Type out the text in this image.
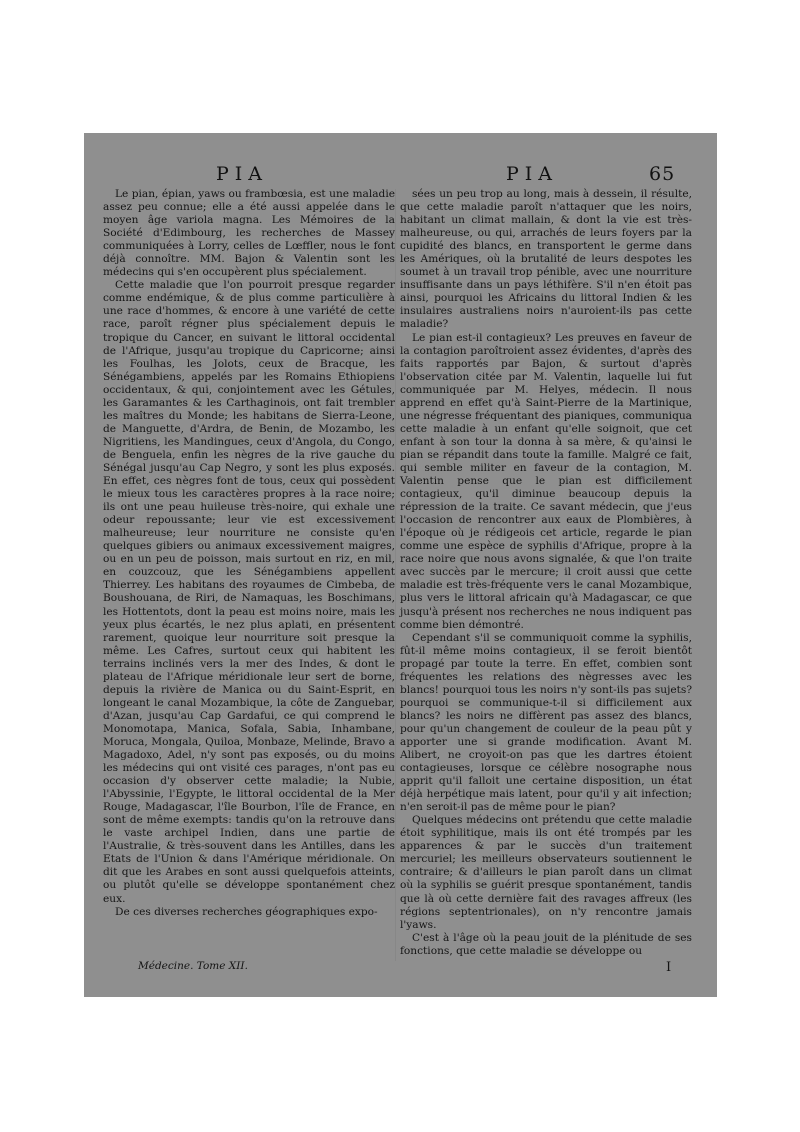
PIA	PIA	65

Le pian, épian, yaws ou frambœsia, est une maladie assez peu connue; elle a été aussi appelée dans le moyen âge variola magna. Les Mémoires de la Société d'Edimbourg, les recherches de Massey communiquées à Lorry, celles de Lœffler, nous le font déjà connoître. MM. Bajon & Valentin sont les médecins qui s'en occupèrent plus spécialement.

Cette maladie que l'on pourroit presque regarder comme endémique, & de plus comme particulière à une race d'hommes, & encore à une variété de cette race, paroît régner plus spécialement depuis le tropique du Cancer, en suivant le littoral occidental de l'Afrique, jusqu'au tropique du Capricorne; ainsi les Foulhas, les Jolots, ceux de Bracque, les Sénégambiens, appelés par les Romains Ethiopiens occidentaux, & qui, conjointement avec les Gétules, les Garamantes & les Carthaginois, ont fait trembler les maîtres du Monde; les habitans de Sierra-Leone, de Manguette, d'Ardra, de Benin, de Mozambo, les Nigritiens, les Mandingues, ceux d'Angola, du Congo, de Benguela, enfin les nègres de la rive gauche du Sénégal jusqu'au Cap Negro, y sont les plus exposés. En effet, ces nègres font de tous, ceux qui possèdent le mieux tous les caractères propres à la race noire; ils ont une peau huileuse très-noire, qui exhale une odeur repoussante; leur vie est excessivement malheureuse; leur nourriture ne consiste qu'en quelques gibiers ou animaux excessivement maigres, ou en un peu de poisson, mais surtout en riz, en mil, en couzcouz, que les Sénégambiens appellent Thierrey. Les habitans des royaumes de Cimbeba, de Boushouana, de Riri, de Namaquas, les Boschimans, les Hottentots, dont la peau est moins noire, mais les yeux plus écartés, le nez plus aplati, en présentent rarement, quoique leur nourriture soit presque la même. Les Cafres, surtout ceux qui habitent les terrains inclinés vers la mer des Indes, & dont le plateau de l'Afrique méridionale leur sert de borne, depuis la rivière de Manica ou du Saint-Esprit, en longeant le canal Mozambique, la côte de Zanguebar, d'Azan, jusqu'au Cap Gardafui, ce qui comprend le Monomotapa, Manica, Sofala, Sabia, Inhambane, Moruca, Mongala, Quiloa, Monbaze, Melinde, Bravo a Magadoxo, Adel, n'y sont pas exposés, ou du moins les médecins qui ont visité ces parages, n'ont pas eu occasion d'y observer cette maladie; la Nubie, l'Abyssinie, l'Egypte, le littoral occidental de la Mer Rouge, Madagascar, l'île Bourbon, l'île de France, en sont de même exempts: tandis qu'on la retrouve dans le vaste archipel Indien, dans une partie de l'Australie, & très-souvent dans les Antilles, dans les Etats de l'Union & dans l'Amérique méridionale. On dit que les Arabes en sont aussi quelquefois atteints, ou plutôt qu'elle se développe spontanément chez eux.

De ces diverses recherches géographiques expo-

sées un peu trop au long, mais à dessein, il résulte, que cette maladie paroît n'attaquer que les noirs, habitant un climat mallain, & dont la vie est très-malheureuse, ou qui, arrachés de leurs foyers par la cupidité des blancs, en transportent le germe dans les Amériques, où la brutalité de leurs despotes les soumet à un travail trop pénible, avec une nourriture insuffisante dans un pays léthifère. S'il n'en étoit pas ainsi, pourquoi les Africains du littoral Indien & les insulaires australiens noirs n'auroient-ils pas cette maladie?

Le pian est-il contagieux? Les preuves en faveur de la contagion paroîtroient assez évidentes, d'après des faits rapportés par Bajon, & surtout d'après l'observation citée par M. Valentin, laquelle lui fut communiquée par M. Helyes, médecin. Il nous apprend en effet qu'à Saint-Pierre de la Martinique, une négresse fréquentant des pianiques, communiqua cette maladie à un enfant qu'elle soignoit, que cet enfant à son tour la donna à sa mère, & qu'ainsi le pian se répandit dans toute la famille. Malgré ce fait, qui semble militer en faveur de la contagion, M. Valentin pense que le pian est difficilement contagieux, qu'il diminue beaucoup depuis la répression de la traite. Ce savant médecin, que j'eus l'occasion de rencontrer aux eaux de Plombières, à l'époque où je rédigeois cet article, regarde le pian comme une espèce de syphilis d'Afrique, propre à la race noire que nous avons signalée, & que l'on traite avec succès par le mercure; il croit aussi que cette maladie est très-fréquente vers le canal Mozambique, plus vers le littoral africain qu'à Madagascar, ce que jusqu'à présent nos recherches ne nous indiquent pas comme bien démontré.

Cependant s'il se communiquoit comme la syphilis, fût-il même moins contagieux, il se feroit bientôt propagé par toute la terre. En effet, combien sont fréquentes les relations des nègresses avec les blancs! pourquoi tous les noirs n'y sont-ils pas sujets? pourquoi se communique-t-il si difficilement aux blancs? les noirs ne diffèrent pas assez des blancs, pour qu'un changement de couleur de la peau pût y apporter une si grande modification. Avant M. Alibert, ne croyoit-on pas que les dartres étoient contagieuses, lorsque ce célèbre nosographe nous apprit qu'il falloit une certaine disposition, un état déjà herpétique mais latent, pour qu'il y ait infection; n'en seroit-il pas de même pour le pian?

Quelques médecins ont prétendu que cette maladie étoit syphilitique, mais ils ont été trompés par les apparences & par le succès d'un traitement mercuriel; les meilleurs observateurs soutiennent le contraire; & d'ailleurs le pian paroît dans un climat où la syphilis se guérit presque spontanément, tandis que là où cette dernière fait des ravages affreux (les régions septentrionales), on n'y rencontre jamais l'yaws.

C'est à l'âge où la peau jouit de la plénitude de ses fonctions, que cette maladie se développe ou

Médecine. Tome XII.	I
